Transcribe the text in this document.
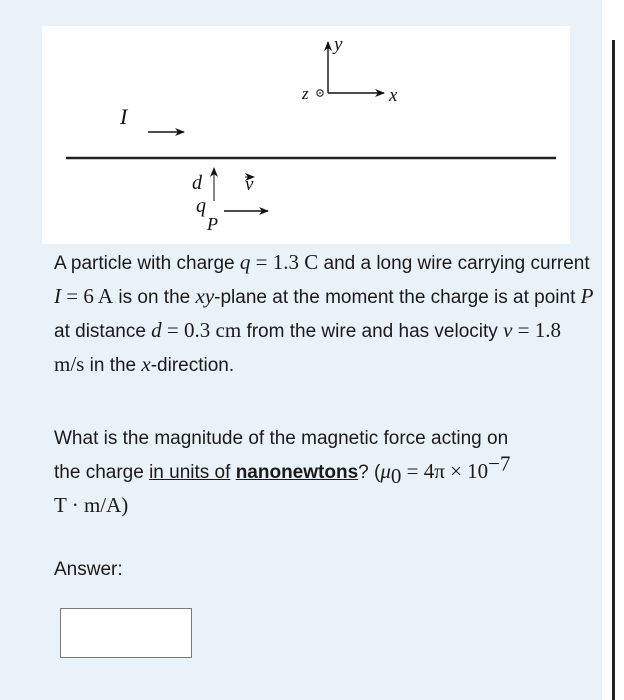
y
x
z
I
d
q
P
v
A particle with charge q = 1.3 C and a long wire carrying current I = 6 A is on the xy-plane at the moment the charge is at point P at distance d = 0.3 cm from the wire and has velocity v = 1.8 m/s in the x-direction.
What is the magnitude of the magnetic force acting on the charge in units of nanonewtons? ($\mu_0 = 4\pi \times 10^{-7}$ T · m/A)
Answer:
